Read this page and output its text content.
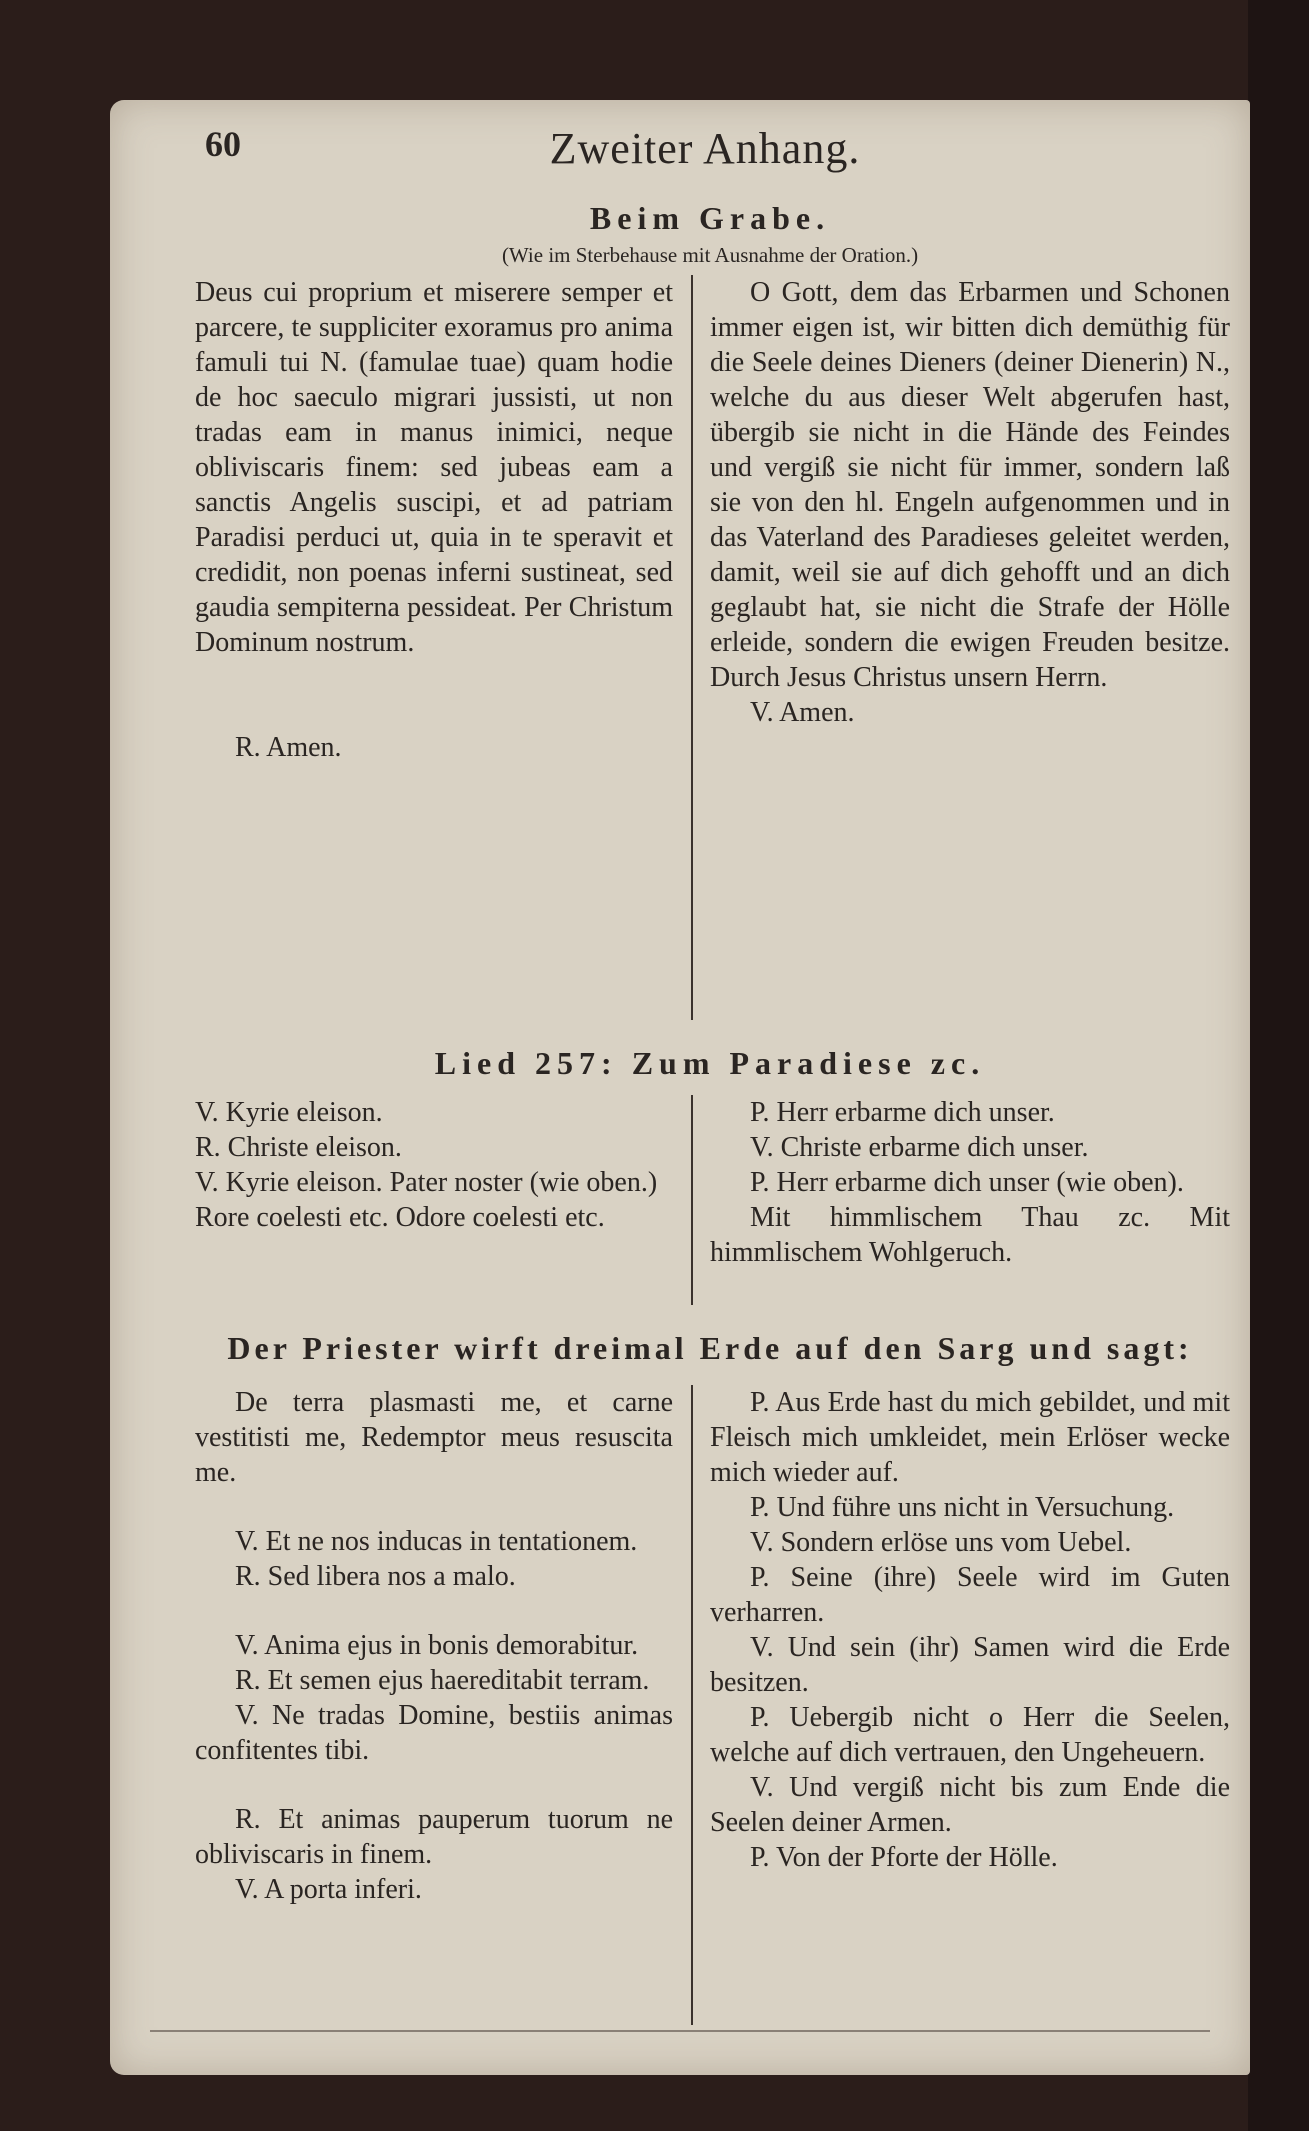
60	Zweiter Anhang.
Beim Grabe.

(Wie im Sterbehause mit Ausnahme der Oration.)

Deus cui proprium et miserere semper et parcere, te suppliciter exoramus pro anima famuli tui N. (famulae tuae) quam hodie de hoc saeculo migrari jussisti, ut non tradas eam in manus inimici, neque obliviscaris finem: sed jubeas eam a sanctis Angelis suscipi, et ad patriam Paradisi perduci ut, quia in te speravit et credidit, non poenas inferni sustineat, sed gaudia sempiterna pessideat. Per Christum Dominum nostrum.

R. Amen.

O Gott, dem das Erbarmen und Schonen immer eigen ist, wir bitten dich demüthig für die Seele deines Dieners (deiner Dienerin) N., welche du aus dieser Welt abgerufen hast, übergib sie nicht in die Hände des Feindes und vergiß sie nicht für immer, sondern laß sie von den hl. Engeln aufgenommen und in das Vaterland des Paradieses geleitet werden, damit, weil sie auf dich gehofft und an dich geglaubt hat, sie nicht die Strafe der Hölle erleide, sondern die ewigen Freuden besitze. Durch Jesus Christus unsern Herrn.

V. Amen.

Lied 257: Zum Paradiese zc.

V. Kyrie eleison.

R. Christe eleison.

V. Kyrie eleison. Pater noster (wie oben.)

Rore coelesti etc. Odore coelesti etc.

P. Herr erbarme dich unser.

V. Christe erbarme dich unser.

P. Herr erbarme dich unser (wie oben).

Mit himmlischem Thau zc. Mit himmlischem Wohlgeruch.

Der Priester wirft dreimal Erde auf den Sarg und sagt:

De terra plasmasti me, et carne vestitisti me, Redemptor meus resuscita me.

V. Et ne nos inducas in tentationem.

R. Sed libera nos a malo.

V. Anima ejus in bonis demorabitur.

R. Et semen ejus haereditabit terram.

V. Ne tradas Domine, bestiis animas confitentes tibi.

R. Et animas pauperum tuorum ne obliviscaris in finem.

V. A porta inferi.

P. Aus Erde hast du mich gebildet, und mit Fleisch mich umkleidet, mein Erlöser wecke mich wieder auf.

P. Und führe uns nicht in Versuchung.

V. Sondern erlöse uns vom Uebel.

P. Seine (ihre) Seele wird im Guten verharren.

V. Und sein (ihr) Samen wird die Erde besitzen.

P. Uebergib nicht o Herr die Seelen, welche auf dich vertrauen, den Ungeheuern.

V. Und vergiß nicht bis zum Ende die Seelen deiner Armen.

P. Von der Pforte der Hölle.
